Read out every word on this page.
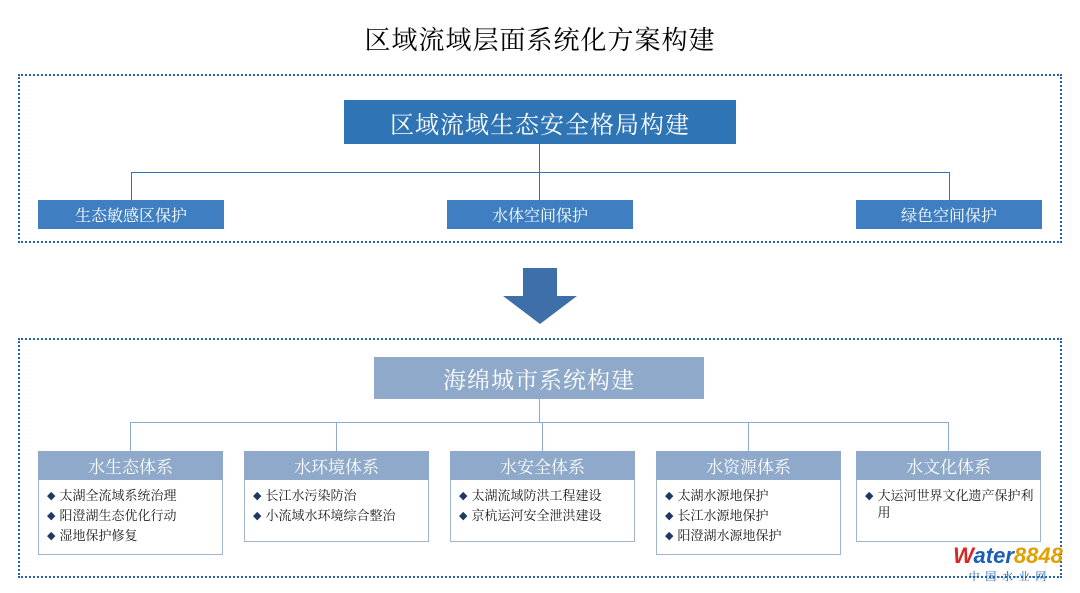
区域流域层面系统化方案构建
区域流域生态安全格局构建
生态敏感区保护	水体空间保护	绿色空间保护
海绵城市系统构建
水生态体系
◆ 太湖全流域系统治理
◆ 阳澄湖生态优化行动
◆ 湿地保护修复
水环境体系
◆ 长江水污染防治
◆ 小流域水环境综合整治
水安全体系
◆ 太湖流域防洪工程建设
◆ 京杭运河安全泄洪建设
水资源体系
◆ 太湖水源地保护
◆ 长江水源地保护
◆ 阳澄湖水源地保护
水文化体系
◆ 大运河世界文化遗产保护利用
Water8848
中·国·水·业·网
